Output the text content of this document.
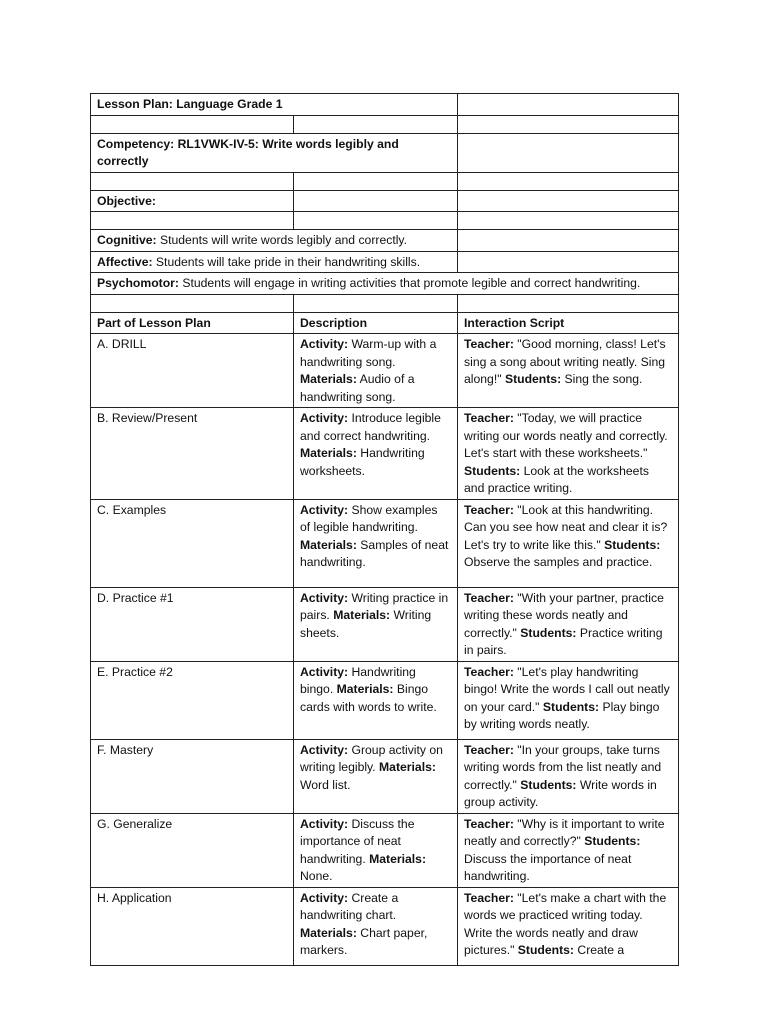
Lesson Plan: Language Grade 1		

Competency: RL1VWK-IV-5: Write words legibly and correctly		

Objective:		

Cognitive: Students will write words legibly and correctly.		
Affective: Students will take pride in their handwriting skills.		
Psychomotor: Students will engage in writing activities that promote legible and correct handwriting.		

Part of Lesson Plan	Description	Interaction Script
A. DRILL	Activity: Warm-up with a handwriting song. Materials: Audio of a handwriting song.	Teacher: "Good morning, class! Let's sing a song about writing neatly. Sing along!" Students: Sing the song.
B. Review/Present	Activity: Introduce legible and correct handwriting. Materials: Handwriting worksheets.	Teacher: "Today, we will practice writing our words neatly and correctly. Let's start with these worksheets." Students: Look at the worksheets and practice writing.
C. Examples	Activity: Show examples of legible handwriting. Materials: Samples of neat handwriting.	Teacher: "Look at this handwriting. Can you see how neat and clear it is? Let's try to write like this." Students: Observe the samples and practice.
D. Practice #1	Activity: Writing practice in pairs. Materials: Writing sheets.	Teacher: "With your partner, practice writing these words neatly and correctly." Students: Practice writing in pairs.
E. Practice #2	Activity: Handwriting bingo. Materials: Bingo cards with words to write.	Teacher: "Let's play handwriting bingo! Write the words I call out neatly on your card." Students: Play bingo by writing words neatly.
F. Mastery	Activity: Group activity on writing legibly. Materials: Word list.	Teacher: "In your groups, take turns writing words from the list neatly and correctly." Students: Write words in group activity.
G. Generalize	Activity: Discuss the importance of neat handwriting. Materials: None.	Teacher: "Why is it important to write neatly and correctly?" Students: Discuss the importance of neat handwriting.
H. Application	Activity: Create a handwriting chart. Materials: Chart paper, markers.	Teacher: "Let's make a chart with the words we practiced writing today. Write the words neatly and draw pictures." Students: Create a
